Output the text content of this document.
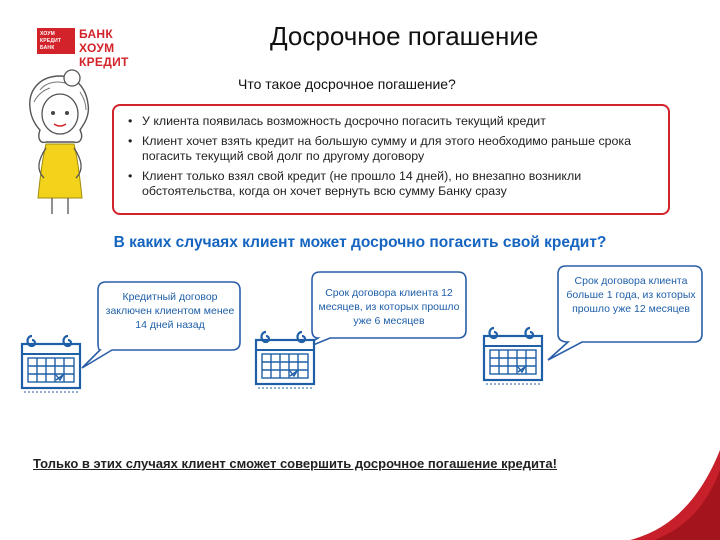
ХОУМ
КРЕДИТ
БАНК
БАНК
ХОУМ КРЕДИТ
Досрочное погашение
Что такое досрочное погашение?
• У клиента появилась возможность досрочно погасить текущий кредит
• Клиент хочет взять кредит на большую сумму и для этого необходимо раньше срока погасить текущий свой долг по другому договору
• Клиент только взял свой кредит (не прошло 14 дней), но внезапно возникли обстоятельства, когда он хочет вернуть всю сумму Банку сразу
В каких случаях клиент может досрочно погасить свой кредит?
Кредитный договор заключен клиентом менее 14 дней назад
Срок договора клиента 12 месяцев, из которых прошло уже 6 месяцев
Срок договора клиента больше 1 года, из которых прошло уже 12 месяцев
Только в этих случаях клиент сможет совершить досрочное погашение кредита!
